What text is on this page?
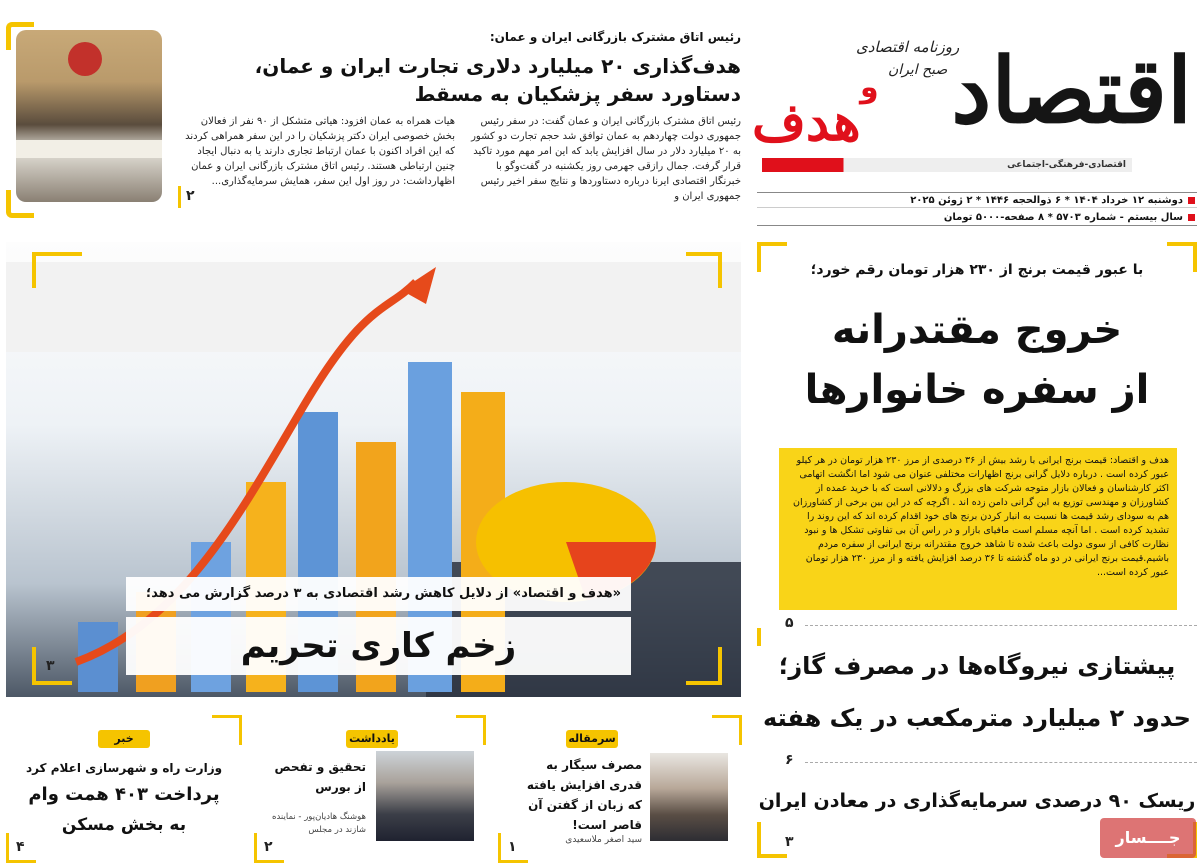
هدف
و اقتصاد
روزنامه اقتصادی
صبح ایران
اقتصادی-فرهنگی-اجتماعی
دوشنبه ۱۲ خرداد ۱۴۰۴ * ۶ ذوالحجه ۱۴۴۶ * ۲ ژوئن ۲۰۲۵
سال بیستم - شماره ۵۷۰۳ * ۸ صفحه-۵۰۰۰ تومان
رئیس اتاق مشترک بازرگانی ایران و عمان:
هدف‌گذاری ۲۰ میلیارد دلاری تجارت ایران و عمان، دستاورد سفر پزشکیان به مسقط
رئیس اتاق مشترک بازرگانی ایران و عمان گفت: در سفر رئیس جمهوری دولت چهاردهم به عمان توافق شد حجم تجارت دو کشور به ۲۰ میلیارد دلار در سال افزایش یابد که این امر مهم مورد تاکید قرار گرفت. جمال رازقی جهرمی روز یکشنبه در گفت‌وگو با خبرنگار اقتصادی ایرنا درباره دستاوردها و نتایج سفر اخیر رئیس جمهوری ایران و
هیات همراه به عمان افزود: هیاتی متشکل از ۹۰ نفر از فعالان بخش خصوصی ایران دکتر پزشکیان را در این سفر همراهی کردند که این افراد اکنون با عمان ارتباط تجاری دارند یا به دنبال ایجاد چنین ارتباطی هستند. رئیس اتاق مشترک بازرگانی ایران و عمان اظهارداشت: در روز اول این سفر، همایش سرمایه‌گذاری...
۲
«هدف و اقتصاد» از دلایل کاهش رشد اقتصادی به ۳ درصد گزارش می دهد؛
زخم کاری تحریم
۳
با عبور قیمت برنج از ۲۳۰ هزار تومان رقم خورد؛
خروج مقتدرانه
از سفره خانوارها
هدف و اقتصاد: قیمت برنج ایرانی با رشد بیش از ۳۶ درصدی از مرز ۲۳۰ هزار تومان در هر کیلو عبور کرده است . درباره دلایل گرانی برنج اظهارات مختلفی عنوان می شود اما انگشت اتهامی اکثر کارشناسان و فعالان بازار متوجه شرکت های بزرگ و دلالانی است که با خرید عمده از کشاورزان و مهندسی توزیع به این گرانی دامن زده اند . اگرچه که در این بین برخی از کشاورزان هم به سودای رشد قیمت ها نسبت به انبار کردن برنج های خود اقدام کرده اند که این روند را تشدید کرده است . اما آنچه مسلم است مافیای بازار و در راس آن بی تفاوتی تشکل ها و نبود نظارت کافی از سوی دولت باعث شده تا شاهد خروج مقتدرانه برنج ایرانی از سفره مردم باشیم.قیمت برنج ایرانی در دو ماه گذشته تا ۳۶ درصد افزایش یافته و از مرز ۲۳۰ هزار تومان عبور کرده است...
۵
پیشتازی نیروگاه‌ها در مصرف گاز؛
حدود ۲ میلیارد مترمکعب در یک هفته
۶
ریسک ۹۰ درصدی سرمایه‌گذاری در معادن ایران
۳	جــــسار
سرمقاله
مصرف سیگار به قدری افزایش یافته که زبان از گفتن آن قاصر است!
سید اصغر ملاسعیدی
۱
یادداشت
تحقیق و تفحص از بورس
هوشنگ هادیان‌پور - نماینده شازند در مجلس
۲
خبر
وزارت راه و شهرسازی اعلام کرد
پرداخت ۴۰۳ همت وام
به بخش مسکن
۴
